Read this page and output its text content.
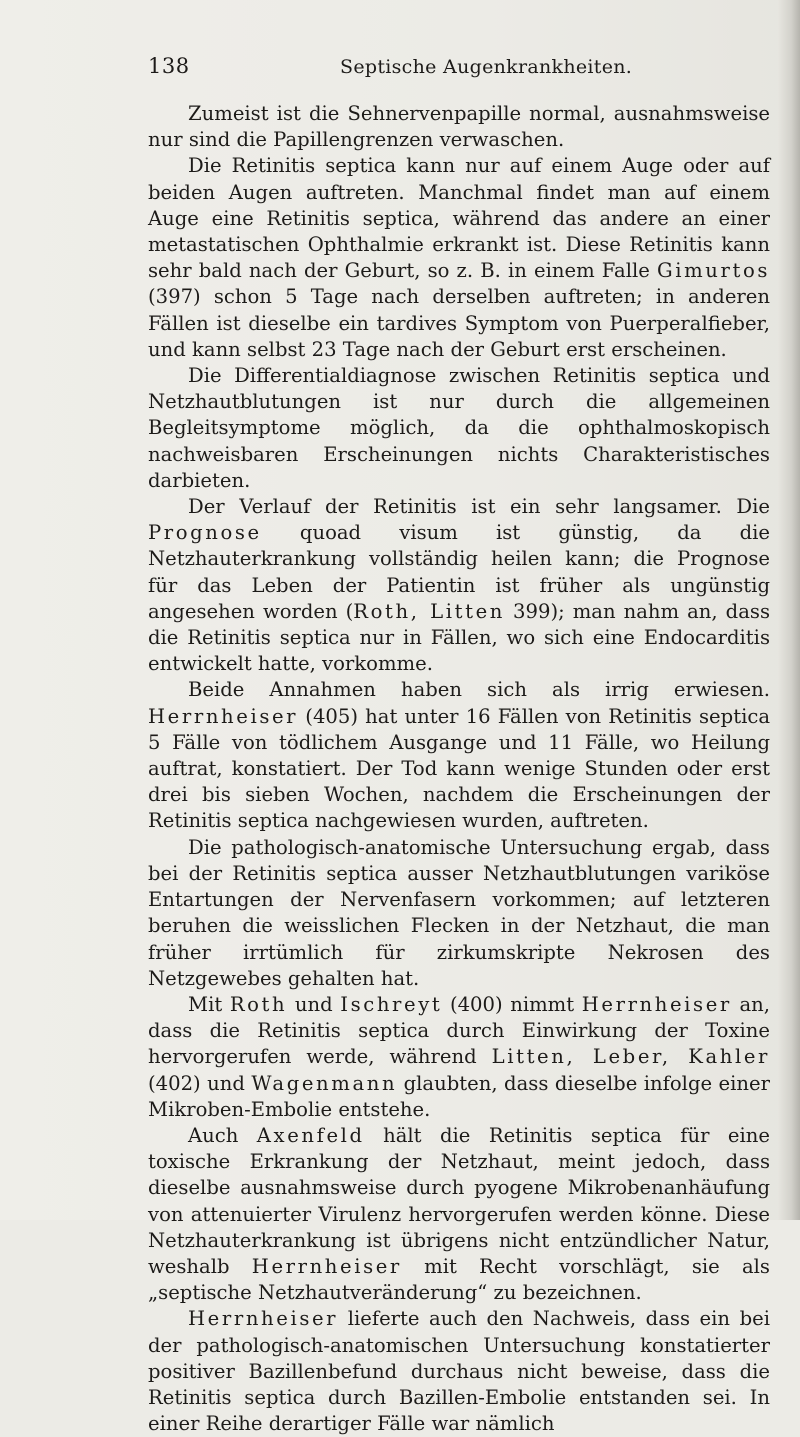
138	Septische Augenkrankheiten.

Zumeist ist die Sehnervenpapille normal, ausnahmsweise nur sind die Papillengrenzen verwaschen.

Die Retinitis septica kann nur auf einem Auge oder auf beiden Augen auftreten. Manchmal findet man auf einem Auge eine Retinitis septica, während das andere an einer metastatischen Ophthalmie erkrankt ist. Diese Retinitis kann sehr bald nach der Geburt, so z. B. in einem Falle Gimurtos (397) schon 5 Tage nach derselben auftreten; in anderen Fällen ist dieselbe ein tardives Symptom von Puerperalfieber, und kann selbst 23 Tage nach der Geburt erst erscheinen.

Die Differentialdiagnose zwischen Retinitis septica und Netzhautblutungen ist nur durch die allgemeinen Begleitsymptome möglich, da die ophthalmoskopisch nachweisbaren Erscheinungen nichts Charakteristisches darbieten.

Der Verlauf der Retinitis ist ein sehr langsamer. Die Prognose quoad visum ist günstig, da die Netzhauterkrankung vollständig heilen kann; die Prognose für das Leben der Patientin ist früher als ungünstig angesehen worden (Roth, Litten 399); man nahm an, dass die Retinitis septica nur in Fällen, wo sich eine Endocarditis entwickelt hatte, vorkomme.

Beide Annahmen haben sich als irrig erwiesen. Herrnheiser (405) hat unter 16 Fällen von Retinitis septica 5 Fälle von tödlichem Ausgange und 11 Fälle, wo Heilung auftrat, konstatiert. Der Tod kann wenige Stunden oder erst drei bis sieben Wochen, nachdem die Erscheinungen der Retinitis septica nachgewiesen wurden, auftreten.

Die pathologisch-anatomische Untersuchung ergab, dass bei der Retinitis septica ausser Netzhautblutungen variköse Entartungen der Nervenfasern vorkommen; auf letzteren beruhen die weisslichen Flecken in der Netzhaut, die man früher irrtümlich für zirkumskripte Nekrosen des Netzgewebes gehalten hat.

Mit Roth und Ischreyt (400) nimmt Herrnheiser an, dass die Retinitis septica durch Einwirkung der Toxine hervorgerufen werde, während Litten, Leber, Kahler (402) und Wagenmann glaubten, dass dieselbe infolge einer Mikroben-Embolie entstehe.

Auch Axenfeld hält die Retinitis septica für eine toxische Erkrankung der Netzhaut, meint jedoch, dass dieselbe ausnahmsweise durch pyogene Mikrobenanhäufung von attenuierter Virulenz hervorgerufen werden könne. Diese Netzhauterkrankung ist übrigens nicht entzündlicher Natur, weshalb Herrnheiser mit Recht vorschlägt, sie als „septische Netzhautveränderung“ zu bezeichnen.

Herrnheiser lieferte auch den Nachweis, dass ein bei der pathologisch-anatomischen Untersuchung konstatierter positiver Bazillenbefund durchaus nicht beweise, dass die Retinitis septica durch Bazillen-Embolie entstanden sei. In einer Reihe derartiger Fälle war nämlich
